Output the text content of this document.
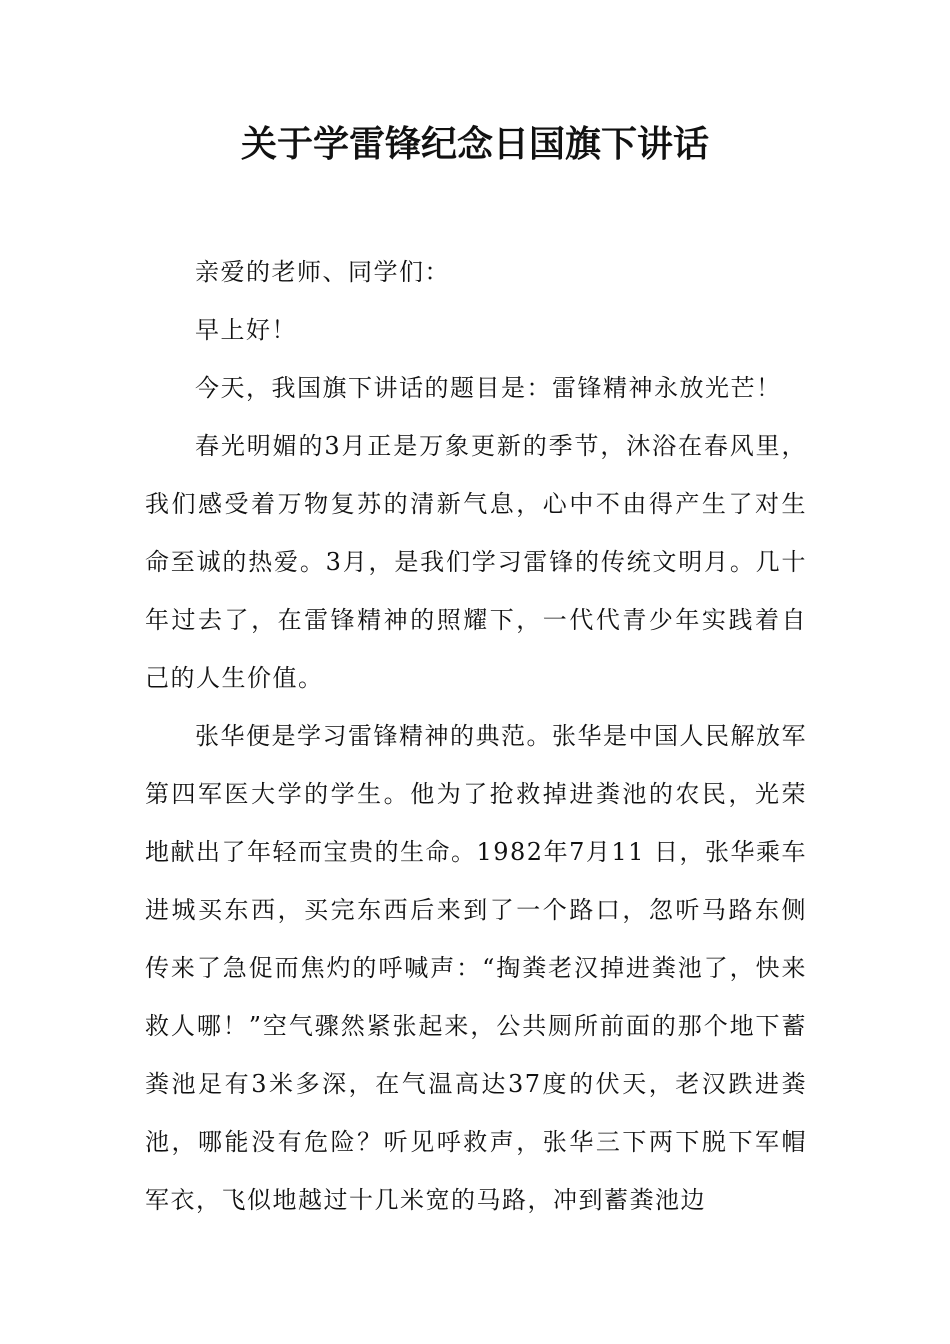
关于学雷锋纪念日国旗下讲话

亲爱的老师、同学们：

早上好！

今天，我国旗下讲话的题目是：雷锋精神永放光芒！

春光明媚的3月正是万象更新的季节，沐浴在春风里，我们感受着万物复苏的清新气息，心中不由得产生了对生命至诚的热爱。3月，是我们学习雷锋的传统文明月。几十年过去了，在雷锋精神的照耀下，一代代青少年实践着自己的人生价值。

张华便是学习雷锋精神的典范。张华是中国人民解放军第四军医大学的学生。他为了抢救掉进粪池的农民，光荣地献出了年轻而宝贵的生命。1982年7月11 日，张华乘车进城买东西，买完东西后来到了一个路口，忽听马路东侧传来了急促而焦灼的呼喊声：“掏粪老汉掉进粪池了，快来救人哪！”空气骤然紧张起来，公共厕所前面的那个地下蓄粪池足有3米多深，在气温高达37度的伏天，老汉跌进粪池，哪能没有危险？听见呼救声，张华三下两下脱下军帽军衣，飞似地越过十几米宽的马路，冲到蓄粪池边
